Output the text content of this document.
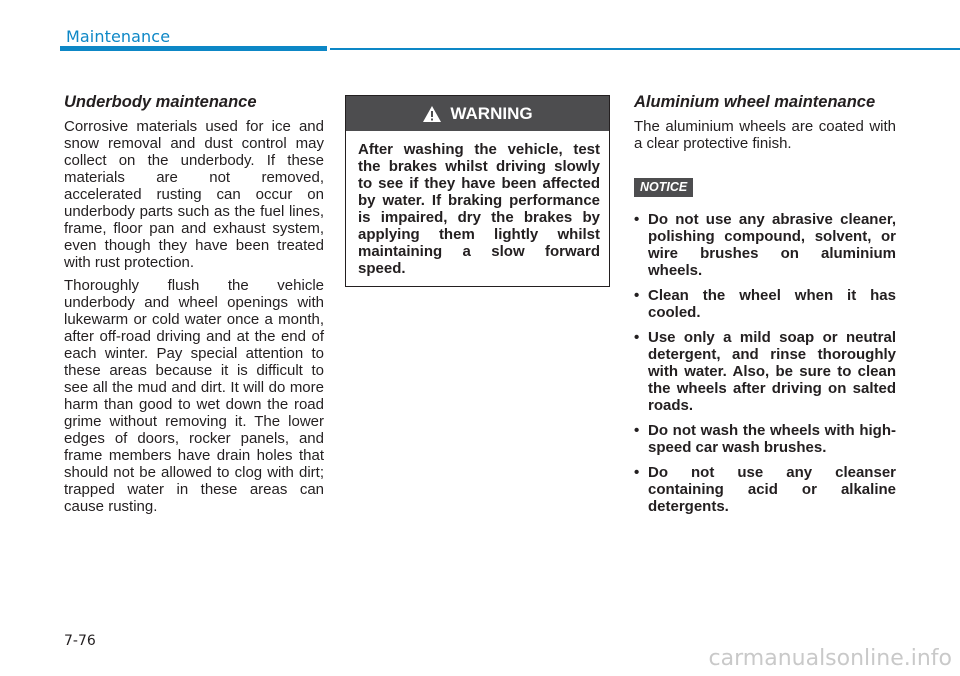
Maintenance
Underbody maintenance

Corrosive materials used for ice and snow removal and dust control may collect on the underbody. If these materials are not removed, accelerated rusting can occur on underbody parts such as the fuel lines, frame, floor pan and exhaust system, even though they have been treated with rust protection.

Thoroughly flush the vehicle underbody and wheel openings with lukewarm or cold water once a month, after off-road driving and at the end of each winter. Pay special attention to these areas because it is difficult to see all the mud and dirt. It will do more harm than good to wet down the road grime without removing it. The lower edges of doors, rocker panels, and frame members have drain holes that should not be allowed to clog with dirt; trapped water in these areas can cause rusting.

WARNING

After washing the vehicle, test the brakes whilst driving slowly to see if they have been affected by water. If braking performance is impaired, dry the brakes by applying them lightly whilst maintaining a slow forward speed.

Aluminium wheel maintenance

The aluminium wheels are coated with a clear protective finish.

NOTICE
• Do not use any abrasive cleaner, polishing compound, solvent, or wire brushes on aluminium wheels.
• Clean the wheel when it has cooled.
• Use only a mild soap or neutral detergent, and rinse thoroughly with water. Also, be sure to clean the wheels after driving on salted roads.
• Do not wash the wheels with high-speed car wash brushes.
• Do not use any cleanser containing acid or alkaline detergents.
7-76
carmanualsonline.info
